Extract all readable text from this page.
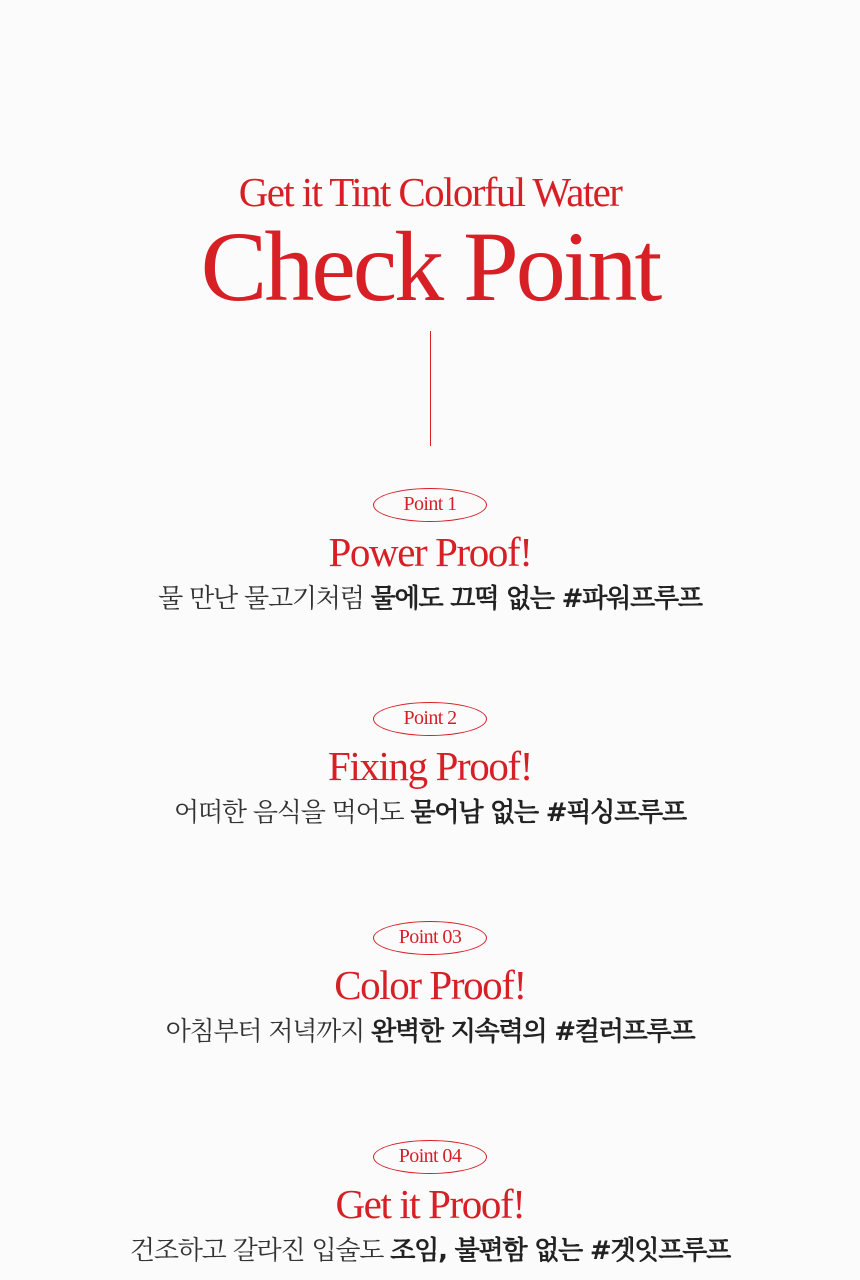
Get it Tint Colorful Water
Check Point
Point 1
Power Proof!
물 만난 물고기처럼 물에도 끄떡 없는 #파워프루프
Point 2
Fixing Proof!
어떠한 음식을 먹어도 묻어남 없는 #픽싱프루프
Point 03
Color Proof!
아침부터 저녁까지 완벽한 지속력의 #컬러프루프
Point 04
Get it Proof!
건조하고 갈라진 입술도 조임, 불편함 없는 #겟잇프루프
